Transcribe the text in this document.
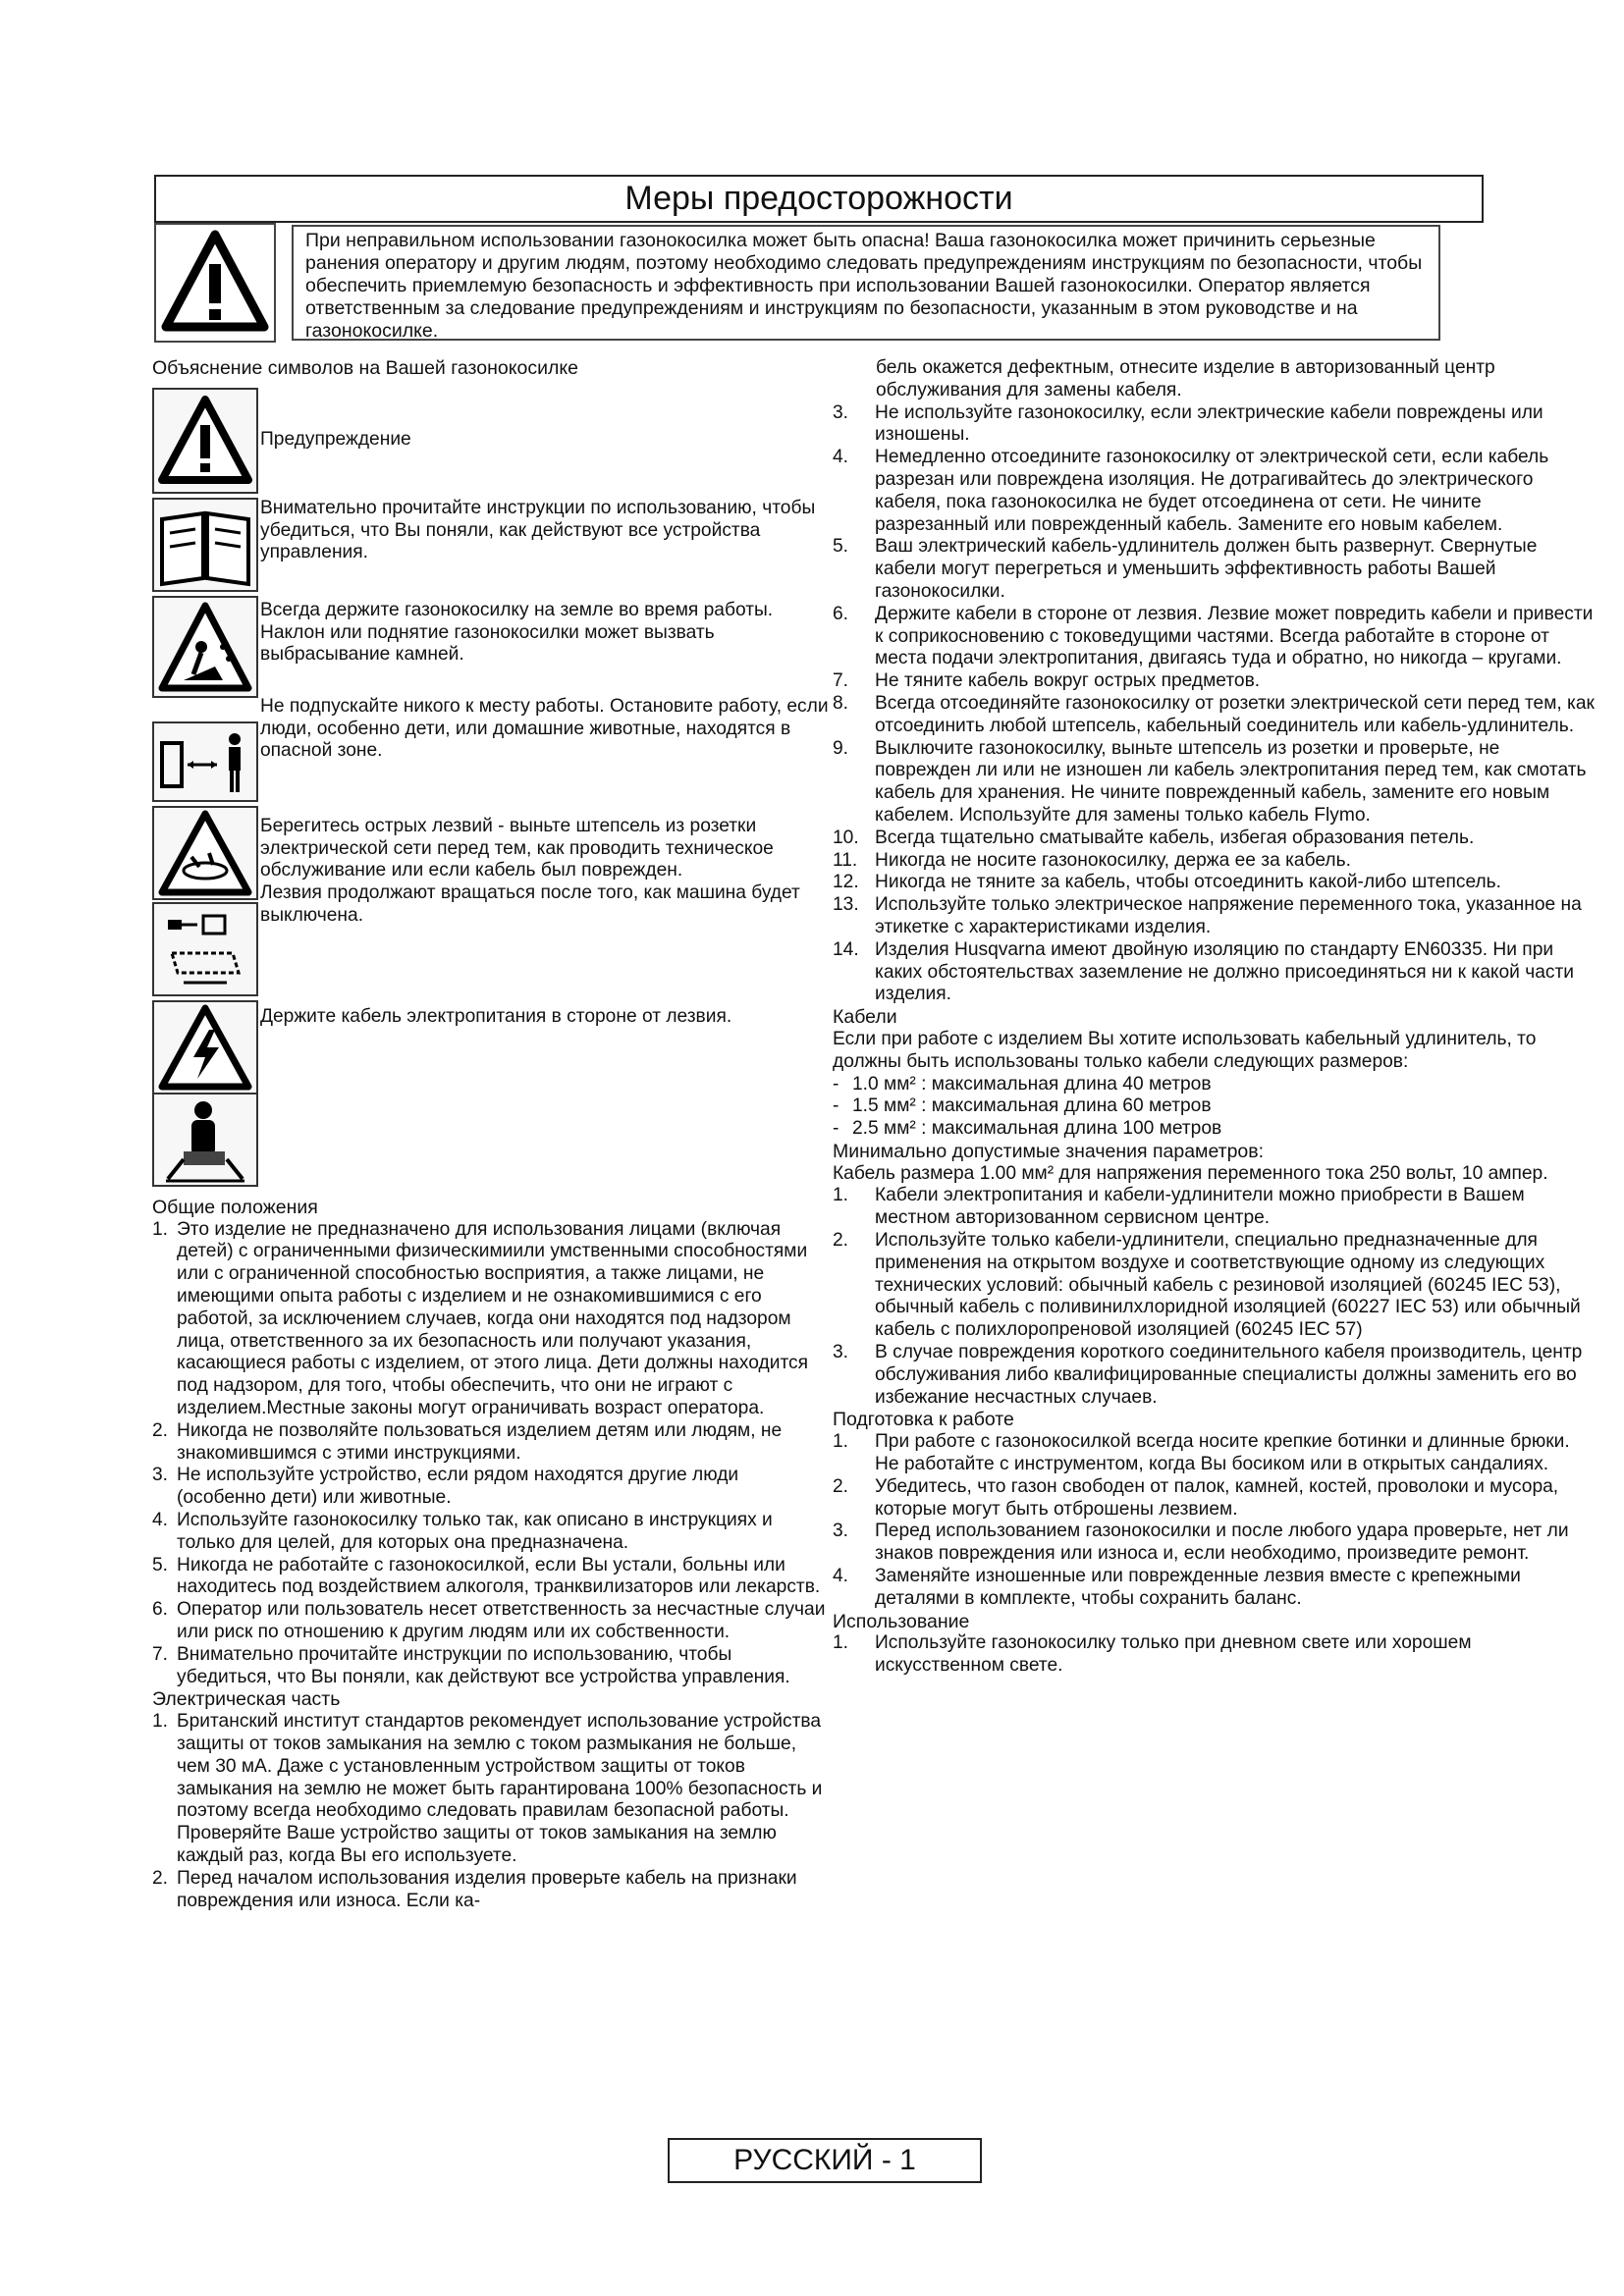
Меры предосторожности
При неправильном использовании газонокосилка может быть опасна! Ваша газонокосилка может причинить серьезные ранения оператору и другим людям, поэтому необходимо следовать предупреждениям инструкциям по безопасности, чтобы обеспечить приемлемую безопасность и эффективность при использовании Вашей газонокосилки. Оператор является ответственным за следование предупреждениям и инструкциям по безопасности, указанным в этом руководстве и на газонокосилке.

Объяснение символов на Вашей газонокосилке

Предупреждение
Внимательно прочитайте инструкции по использованию, чтобы убедиться, что Вы поняли, как действуют все устройства управления.
Всегда держите газонокосилку на земле во время работы. Наклон или поднятие газонокосилки может вызвать выбрасывание камней.
Не подпускайте никого к месту работы. Остановите работу, если люди, особенно дети, или домашние животные, находятся в опасной зоне.
Берегитесь острых лезвий - выньте штепсель из розетки электрической сети перед тем, как проводить техническое обслуживание или если кабель был поврежден.
Лезвия продолжают вращаться после того, как машина будет выключена.
Держите кабель электропитания в стороне от лезвия.

Общие положения

1. Это изделие не предназначено для использования лицами (включая детей) с ограниченными физическимиили умственными способностями или с ограниченной способностью восприятия, а также лицами, не имеющими опыта работы с изделием и не ознакомившимися с его работой, за исключением случаев, когда они находятся под надзором лица, ответственного за их безопасность или получают указания, касающиеся работы с изделием, от этого лица. Дети должны находится под надзором, для того, чтобы обеспечить, что они не играют с изделием.Местные законы могут ограничивать возраст оператора.
2. Никогда не позволяйте пользоваться изделием детям или людям, не знакомившимся с этими инструкциями.
3. Не используйте устройство, если рядом находятся другие люди (особенно дети) или животные.
4. Используйте газонокосилку только так, как описано в инструкциях и только для целей, для которых она предназначена.
5. Никогда не работайте с газонокосилкой, если Вы устали, больны или находитесь под воздействием алкоголя, транквилизаторов или лекарств.
6. Оператор или пользователь несет ответственность за несчастные случаи или риск по отношению к другим людям или их собственности.
7. Внимательно прочитайте инструкции по использованию, чтобы убедиться, что Вы поняли, как действуют все устройства управления.

Электрическая часть

1. Британский институт стандартов рекомендует использование устройства защиты от токов замыкания на землю с током размыкания не больше, чем 30 мА. Даже с установленным устройством защиты от токов замыкания на землю не может быть гарантирована 100% безопасность и поэтому всегда необходимо следовать правилам безопасной работы. Проверяйте Ваше устройство защиты от токов замыкания на землю каждый раз, когда Вы его используете.
2. Перед началом использования изделия проверьте кабель на признаки повреждения или износа. Если ка-
бель окажется дефектным, отнесите изделие в авторизованный центр обслуживания для замены кабеля.
3.	Не используйте газонокосилку, если электрические кабели повреждены или изношены.
4.	Немедленно отсоедините газонокосилку от электрической сети, если кабель разрезан или повреждена изоляция. Не дотрагивайтесь до электрического кабеля, пока газонокосилка не будет отсоединена от сети. Не чините разрезанный или поврежденный кабель. Замените его новым кабелем.
5.	Ваш электрический кабель-удлинитель должен быть развернут. Свернутые кабели могут перегреться и уменьшить эффективность работы Вашей газонокосилки.
6.	Держите кабели в стороне от лезвия. Лезвие может повредить кабели и привести к соприкосновению с токоведущими частями. Всегда работайте в стороне от места подачи электропитания, двигаясь туда и обратно, но никогда – кругами.
7.	Не тяните кабель вокруг острых предметов.
8.	Всегда отсоединяйте газонокосилку от розетки электрической сети перед тем, как отсоединить любой штепсель, кабельный соединитель или кабель-удлинитель.
9.	Выключите газонокосилку, выньте штепсель из розетки и проверьте, не поврежден ли или не изношен ли кабель электропитания перед тем, как смотать кабель для хранения. Не чините поврежденный кабель, замените его новым кабелем. Используйте для замены только кабель Flymo.
10. Всегда тщательно сматывайте кабель, избегая образования петель.
11. Никогда не носите газонокосилку, держа ее за кабель.
12. Никогда не тяните за кабель, чтобы отсоединить какой-либо штепсель.
13. Используйте только электрическое напряжение переменного тока, указанное на этикетке с характеристиками изделия.
14. Изделия Husqvarna имеют двойную изоляцию по стандарту EN60335. Ни при каких обстоятельствах заземление не должно присоединяться ни к какой части изделия.

Кабели

Если при работе с изделием Вы хотите использовать кабельный удлинитель, то должны быть использованы только кабели следующих размеров:
- 1.0 мм² : максимальная длина 40 метров
- 1.5 мм² : максимальная длина 60 метров
- 2.5 мм² : максимальная длина 100 метров

Минимально допустимые значения параметров:

Кабель размера 1.00 мм² для напряжения переменного тока 250 вольт, 10 ампер.
1.	Кабели электропитания и кабели-удлинители можно приобрести в Вашем местном авторизованном сервисном центре.
2.	Используйте только кабели-удлинители, специально предназначенные для применения на открытом воздухе и соответствующие одному из следующих технических условий: обычный кабель с резиновой изоляцией (60245 IEC 53), обычный кабель с поливинилхлоридной изоляцией (60227 IEC 53) или обычный кабель с полихлоропреновой изоляцией (60245 IEC 57)
3.	В случае повреждения короткого соединительного кабеля производитель, центр обслуживания либо квалифицированные специалисты должны заменить его во избежание несчастных случаев.

Подготовка к работе

1.	При работе с газонокосилкой всегда носите крепкие ботинки и длинные брюки. Не работайте с инструментом, когда Вы босиком или в открытых сандалиях.
2.	Убедитесь, что газон свободен от палок, камней, костей, проволоки и мусора, которые могут быть отброшены лезвием.
3.	Перед использованием газонокосилки и после любого удара проверьте, нет ли знаков повреждения или износа и, если необходимо, произведите ремонт.
4.	Заменяйте изношенные или поврежденные лезвия вместе с крепежными деталями в комплекте, чтобы сохранить баланс.

Использование

1.	Используйте газонокосилку только при дневном свете или хорошем искусственном свете.
РУССКИЙ - 1
